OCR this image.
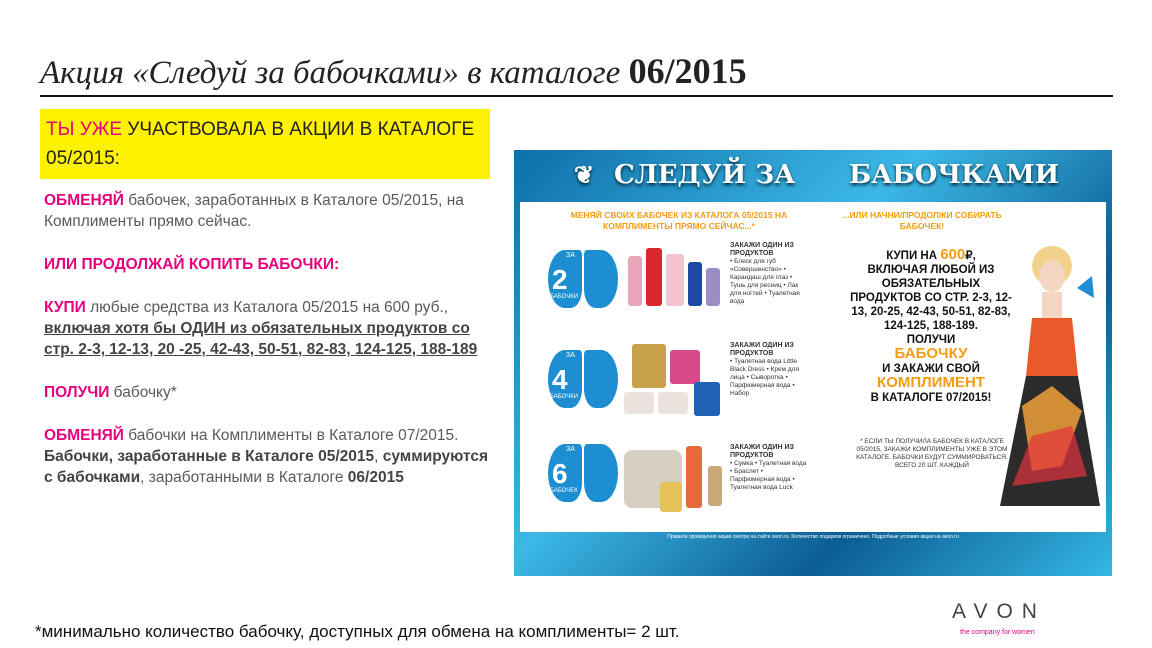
Акция «Следуй за бабочками» в каталоге 06/2015

ТЫ УЖЕ УЧАСТВОВАЛА В АКЦИИ В КАТАЛОГЕ 05/2015:

ОБМЕНЯЙ бабочек, заработанных в Каталоге 05/2015, на Комплименты прямо сейчас.

ИЛИ ПРОДОЛЖАЙ КОПИТЬ БАБОЧКИ:

КУПИ любые средства из Каталога 05/2015 на 600 руб., включая хотя бы ОДИН из обязательных продуктов со стр. 2-3, 12-13, 20 -25, 42-43, 50-51, 82-83, 124-125, 188-189

ПОЛУЧИ бабочку*

ОБМЕНЯЙ бабочки на Комплименты в Каталоге 07/2015. Бабочки, заработанные в Каталоге 05/2015, суммируются с бабочками, заработанными в Каталоге 06/2015

❦ СЛЕДУЙ ЗА БАБОЧКАМИ
МЕНЯЙ СВОИХ БАБОЧЕК ИЗ КАТАЛОГА 05/2015 НА КОМПЛИМЕНТЫ ПРЯМО СЕЙЧАС...*
...ИЛИ НАЧНИ/ПРОДОЛЖИ СОБИРАТЬ БАБОЧЕК!
ЗА
2
БАБОЧКИ
ЗАКАЖИ ОДИН ИЗ ПРОДУКТОВ
• Блеск для губ «Совершенство» • Карандаш для глаз • Тушь для ресниц • Лак для ногтей • Туалетная вода
ЗА
4
БАБОЧКИ
ЗАКАЖИ ОДИН ИЗ ПРОДУКТОВ
• Туалетная вода Little Black Dress • Крем для лица • Сыворотка • Парфюмерная вода • Набор
ЗА
6
БАБОЧЕК
ЗАКАЖИ ОДИН ИЗ ПРОДУКТОВ
• Сумка • Туалетная вода • Браслет • Парфюмерная вода • Туалетная вода Luck
КУПИ НА 600₽,
ВКЛЮЧАЯ ЛЮБОЙ ИЗ ОБЯЗАТЕЛЬНЫХ ПРОДУКТОВ СО СТР. 2-3, 12-13, 20-25, 42-43, 50-51, 82-83, 124-125, 188-189.
ПОЛУЧИ
БАБОЧКУ
И ЗАКАЖИ СВОЙ
КОМПЛИМЕНТ
В КАТАЛОГЕ 07/2015!
* ЕСЛИ ТЫ ПОЛУЧИЛА БАБОЧЕК В КАТАЛОГЕ 05/2015, ЗАКАЖИ КОМПЛИМЕНТЫ УЖЕ В ЭТОМ КАТАЛОГЕ. БАБОЧКИ БУДУТ СУММИРОВАТЬСЯ. ВСЕГО 20 ШТ. КАЖДЫЙ
Правила проведения акции смотри на сайте avon.ru. Количество подарков ограничено. Подробные условия акции на avon.ru
*минимально количество бабочку, доступных для обмена на комплименты= 2 шт.
AVON
the company for women
